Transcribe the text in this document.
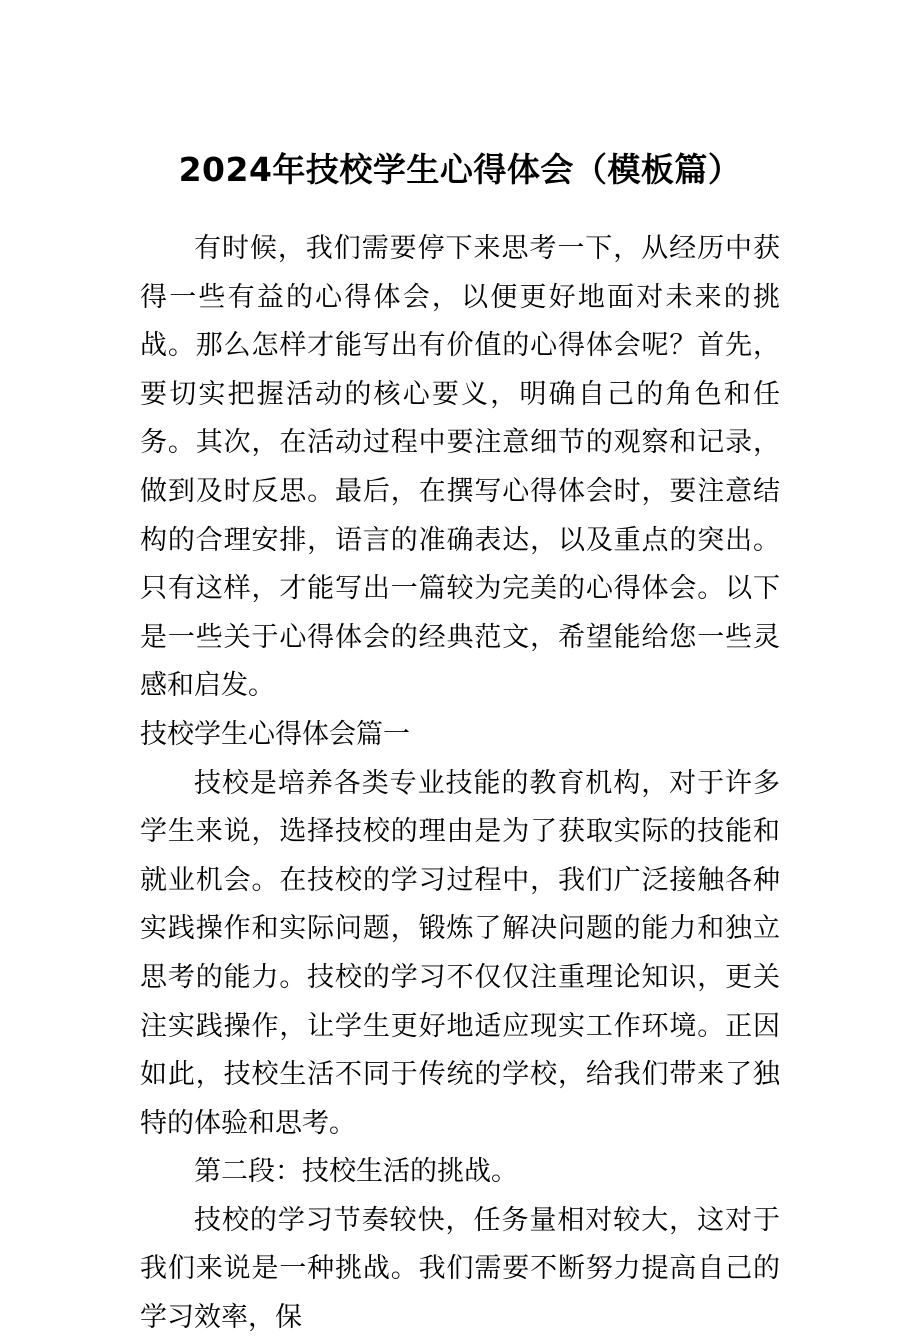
2024年技校学生心得体会（模板篇）

有时候，我们需要停下来思考一下，从经历中获得一些有益的心得体会，以便更好地面对未来的挑战。那么怎样才能写出有价值的心得体会呢？首先，要切实把握活动的核心要义，明确自己的角色和任务。其次，在活动过程中要注意细节的观察和记录，做到及时反思。最后，在撰写心得体会时，要注意结构的合理安排，语言的准确表达，以及重点的突出。只有这样，才能写出一篇较为完美的心得体会。以下是一些关于心得体会的经典范文，希望能给您一些灵感和启发。

技校学生心得体会篇一

技校是培养各类专业技能的教育机构，对于许多学生来说，选择技校的理由是为了获取实际的技能和就业机会。在技校的学习过程中，我们广泛接触各种实践操作和实际问题，锻炼了解决问题的能力和独立思考的能力。技校的学习不仅仅注重理论知识，更关注实践操作，让学生更好地适应现实工作环境。正因如此，技校生活不同于传统的学校，给我们带来了独特的体验和思考。

第二段：技校生活的挑战。

技校的学习节奏较快，任务量相对较大，这对于我们来说是一种挑战。我们需要不断努力提高自己的学习效率，保
